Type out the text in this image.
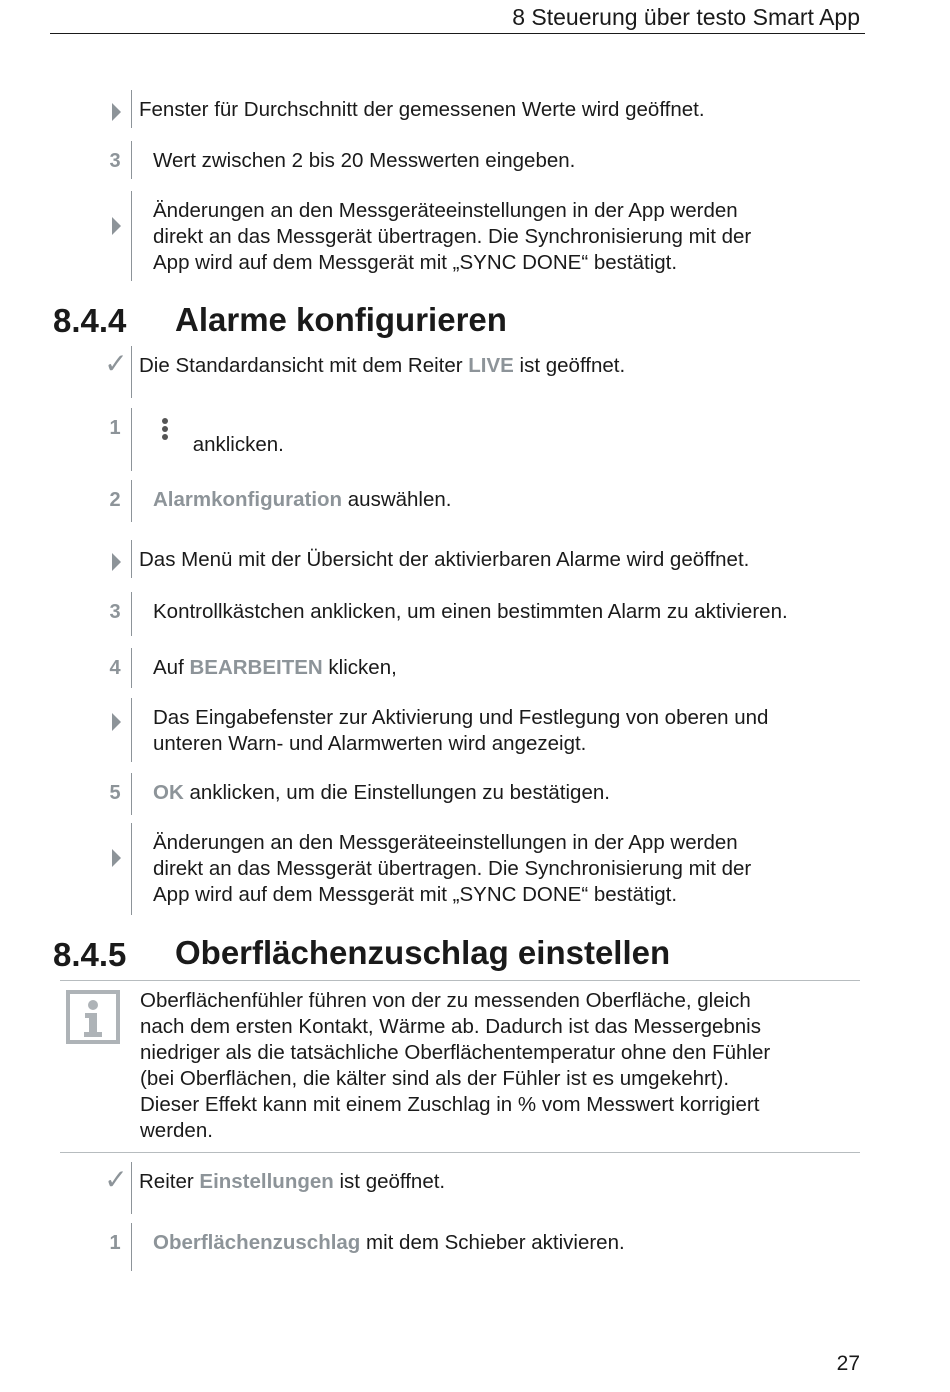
8 Steuerung über testo Smart App
Fenster für Durchschnitt der gemessenen Werte wird geöffnet.
3	Wert zwischen 2 bis 20 Messwerten eingeben.
Änderungen an den Messgeräteeinstellungen in der App werden
direkt an das Messgerät übertragen. Die Synchronisierung mit der
App wird auf dem Messgerät mit „SYNC DONE“ bestätigt.
8.4.4 Alarme konfigurieren
✓ Die Standardansicht mit dem Reiter LIVE ist geöffnet.
1
anklicken.
2	Alarmkonfiguration auswählen.
Das Menü mit der Übersicht der aktivierbaren Alarme wird geöffnet.
3	Kontrollkästchen anklicken, um einen bestimmten Alarm zu aktivieren.
4	Auf BEARBEITEN klicken,
Das Eingabefenster zur Aktivierung und Festlegung von oberen und
unteren Warn- und Alarmwerten wird angezeigt.
5	OK anklicken, um die Einstellungen zu bestätigen.
Änderungen an den Messgeräteeinstellungen in der App werden
direkt an das Messgerät übertragen. Die Synchronisierung mit der
App wird auf dem Messgerät mit „SYNC DONE“ bestätigt.
8.4.5 Oberflächenzuschlag einstellen
Oberflächenfühler führen von der zu messenden Oberfläche, gleich
nach dem ersten Kontakt, Wärme ab. Dadurch ist das Messergebnis
niedriger als die tatsächliche Oberflächentemperatur ohne den Fühler
(bei Oberflächen, die kälter sind als der Fühler ist es umgekehrt).
Dieser Effekt kann mit einem Zuschlag in % vom Messwert korrigiert
werden.
✓ Reiter Einstellungen ist geöffnet.
1	Oberflächenzuschlag mit dem Schieber aktivieren.
27
